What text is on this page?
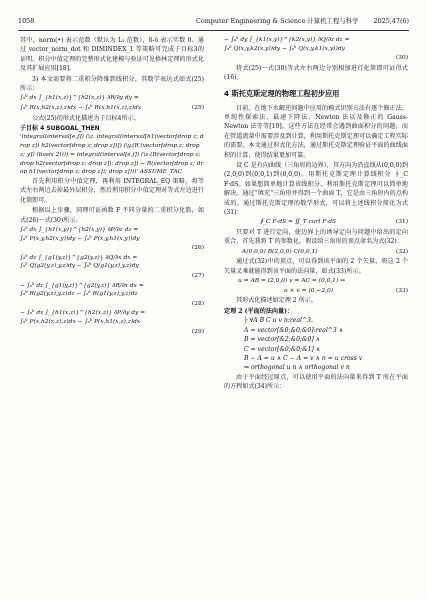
1058	Computer Engineering & Science 计算机工程与科学 2025,47(6)

其中，norm(•) 表示范数（默认为 L₂ 范数），δ-ö 表示实数 0。通过 vector_norm_dot 和 DIMINDEX_1 等策略可完成子目标3的证明。积分中值定理的完整形式化建模与验证可见格林定理的形式化及其扩展应用[18]。

3) 本文需要将二重积分降维到线积分，其数学表达式如式(25)所示：

∫ₐᵇ dx ∫_{h1(x,z)}^{h2(x,z)} ∂R/∂y dy =

∫ₐᵇ R(x,h2(x,z),z)dx − ∫ₐᵇ R(x,h1(x,z),z)dx	(25)

公式(25)的形式化描述为子目标4所示。

子目标 4 SUBGOAL_THEN

'integral(interval[e,f]) (\z. integral(interval[h1(vector[drop z; drop z]) h2(vector[drop z; drop z])]) (\y.(R'(vector[drop z; drop z; y]) (basis 2)))) = integral(interval[e,f]) (\z.(R(vector[drop z; drop h2(vector[drop z; drop z]); drop z]) − R(vector[drop z; drop h1(vector[drop z; drop z]); drop z])))' ASSUME_TAC

首先利用积分中值定理，再利用 INTEGRAL_EQ 策略，将等式左右两边去掉最外层积分，然后利用积分中值定理对等式左边进行化简即可。

根据以上步骤，同理可证函数 F 不同分量的二重积分化简，如式(26)～式(30)所示。

∫ₐᵇ dx ∫_{h1(x,y)}^{h2(x,y)} ∂P/∂z dz =

∫ₐᵇ P(x,y,h2(x,y))dy − ∫ₐᵇ P(x,y,h1(x,y))dy

(26)

∫ₐᵇ dz ∫_{g1(y,z)}^{g2(y,z)} ∂Q/∂x dx =

∫ₐᵇ Q(g2(y,z),y,z)dy − ∫ₐᵇ Q(g1(y,z),y,z)dy

(27)

− ∫ₐᵇ dz ∫_{g1(y,z)}^{g2(y,z)} ∂R/∂x dx =

∫ₐᵇ R(g2(y,z),y,z)dz − ∫ₐᵇ R(g1(y,z),y,z)dz

(28)

− ∫ₐᵇ dx ∫_{h1(x,z)}^{h2(x,z)} ∂P/∂y dy =

∫ₐᵇ P(x,h2(x,z),z)dx − ∫ₐᵇ P(x,h1(x,z),z)dx

(29)

− ∫ₐᵇ dy ∫_{k1(x,y)}^{k2(x,y)} ∂Q/∂z dz =

∫ₐᵇ Q(x,y,k2(x,y))dy − ∫ₐᵇ Q(x,y,k1(x,y))dy

(30)

将式(25)～式(30)等式左右两边分别相加进行化简即可证得式(16)。

4 斯托克斯定理的物理工程初步应用

目前，在地下水解逆问题中应用的模式识别方法有逐个修正法、单纯性探索法、最速下降法、Newton 法以及修正的 Gauss-Newton 法等等[19]。这些方法在经常会遇到曲面积分的问题，而在管道流量中需要涉及到计算，利用斯托克斯定理可以确定工程实际的需要。本文通过形式化方法，通过斯托克斯定理验证平面的曲线面积的计算，使得结果更加可靠。

设 C 是有向曲线（三角形的边界），其方向为沿直线从(0,0,0)到(2,0,0)到(0,0,1)到(0,0,0)。用斯托克斯定理计算线积分 ∮_C F·dS。如果想简单地计算该线积分，利用斯托克斯定理可以简单地解决。通过“填充”三角形并得到一个曲面 T，它是由三角形内的点构成的。通过斯托克斯定理的数学形式，可以将上述线积分简化为式(31)：

∮_C F·dS = ∬_T curl F·dS	(31)

只要对 T 进行定向，使边界上的诱导定向与问题中给出的定向重合，首先我将 T 的参数化。假设给三角形的顶点命名为式(32)：

A(0,0,0) B(2,0,0) C(0,0,1)	(32)

通过式(32)中的顶点，可以得到该平面的 2 个矢量，将这 2 个矢量叉乘就能得到该平面的法向量，如式(33)所示。

u = AB = (2,0,0) v = AC = (0,0,1) ⇒

u × v = (0,−2,0)	(33)

其形式化描述如定理 2 所示。

定理 2 (平面的法向量)：

├ ∀A B C u v n:real^3.

A = vector[&0;&0;&0]:real^3 ∧

B = vector[&2;&0;&0] ∧

C = vector[&0;&0;&1] ∧

B − A = u ∧ C − A = v ∧ n = u cross v

⇒ orthogonal u n ∧ orthogonal v n

由于平面经过原点，可以使用平面的法向量来得到 T 所在平面的方程如式(34)所示：
